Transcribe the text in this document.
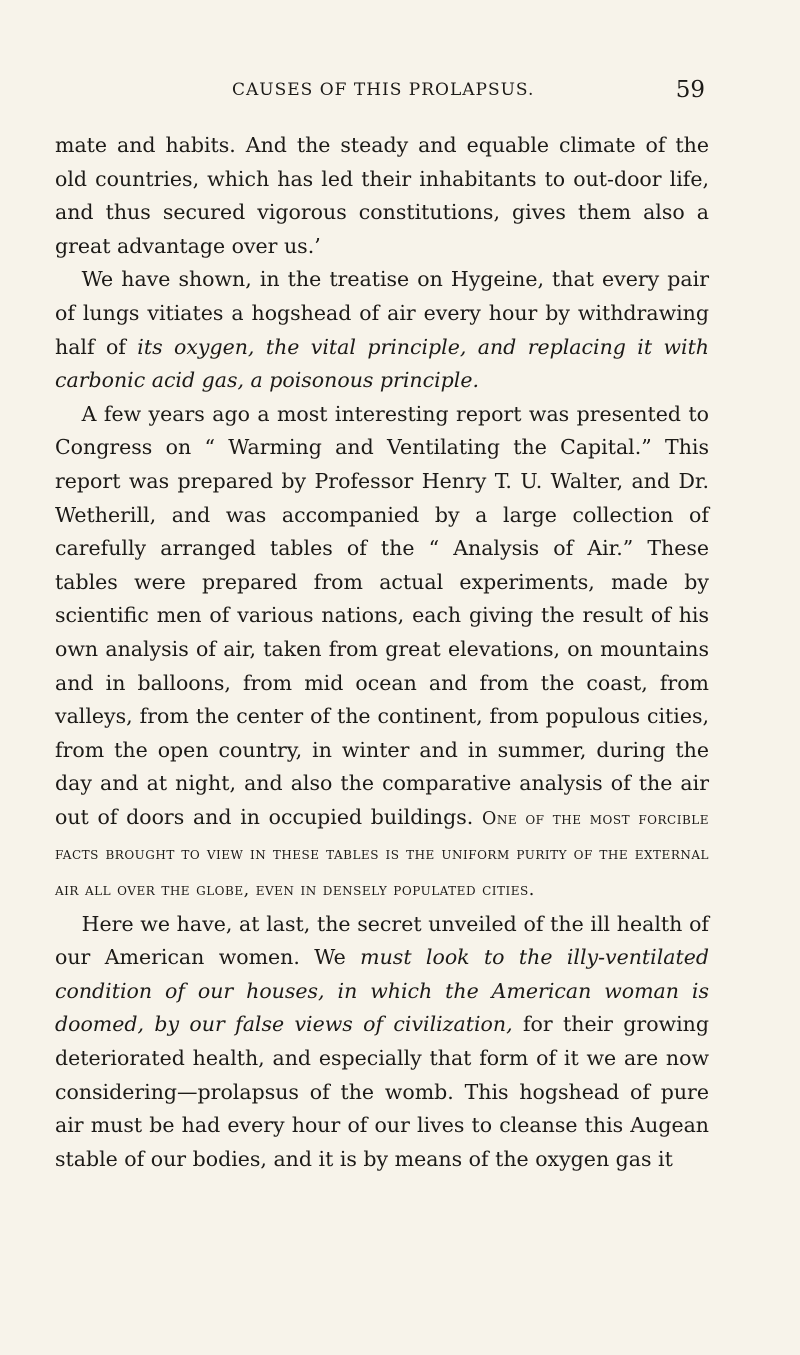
CAUSES OF THIS PROLAPSUS.	59

mate and habits. And the steady and equable climate of the old countries, which has led their inhabitants to out-door life, and thus secured vigorous constitutions, gives them also a great advantage over us.’

We have shown, in the treatise on Hygeine, that every pair of lungs vitiates a hogshead of air every hour by withdrawing half of its oxygen, the vital principle, and replacing it with carbonic acid gas, a poisonous principle.

A few years ago a most interesting report was presented to Congress on “ Warming and Ventilating the Capital.” This report was prepared by Professor Henry T. U. Walter, and Dr. Wetherill, and was accompanied by a large collection of carefully arranged tables of the “ Analysis of Air.” These tables were prepared from actual experiments, made by scientific men of various nations, each giving the result of his own analysis of air, taken from great elevations, on mountains and in balloons, from mid ocean and from the coast, from valleys, from the center of the continent, from populous cities, from the open country, in winter and in summer, during the day and at night, and also the comparative analysis of the air out of doors and in occupied buildings. One of the most forcible facts brought to view in these tables is the uniform purity of the external air all over the globe, even in densely populated cities.

Here we have, at last, the secret unveiled of the ill health of our American women. We must look to the illy-ventilated condition of our houses, in which the American woman is doomed, by our false views of civilization, for their growing deteriorated health, and especially that form of it we are now considering—prolapsus of the womb. This hogshead of pure air must be had every hour of our lives to cleanse this Augean stable of our bodies, and it is by means of the oxygen gas it
